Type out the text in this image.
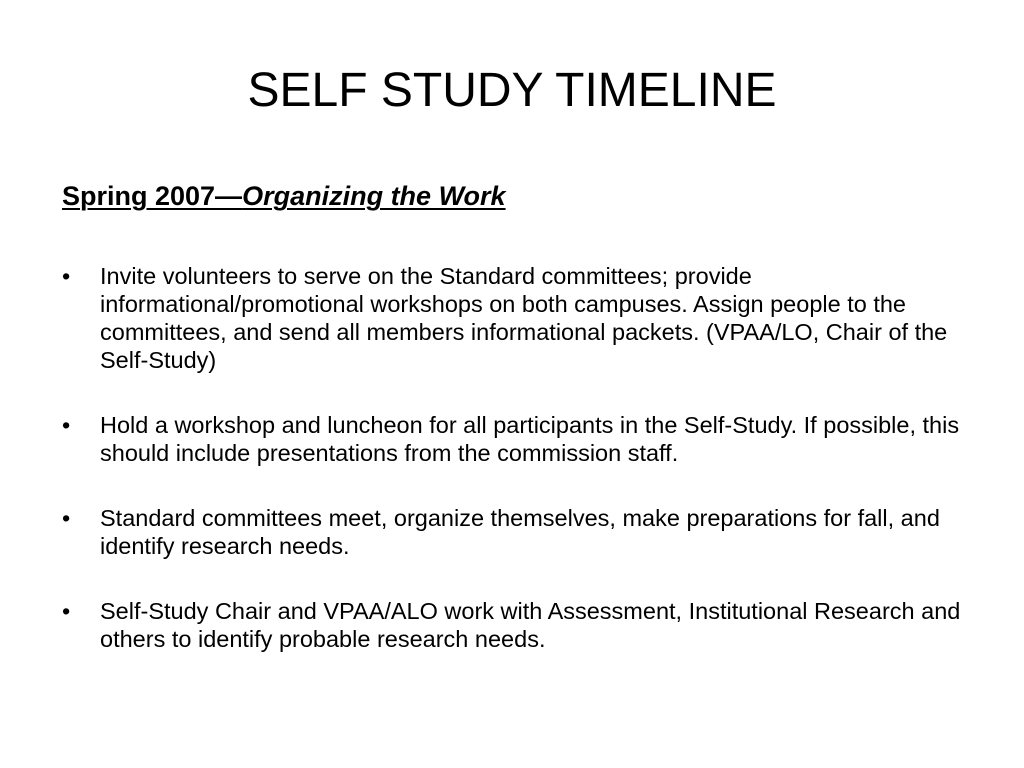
SELF STUDY TIMELINE
Spring 2007—Organizing the Work
• Invite volunteers to serve on the Standard committees; provide informational/promotional workshops on both campuses. Assign people to the committees, and send all members informational packets. (VPAA/LO, Chair of the Self-Study)
• Hold a workshop and luncheon for all participants in the Self-Study. If possible, this should include presentations from the commission staff.
• Standard committees meet, organize themselves, make preparations for fall, and identify research needs.
• Self-Study Chair and VPAA/ALO work with Assessment, Institutional Research and others to identify probable research needs.
